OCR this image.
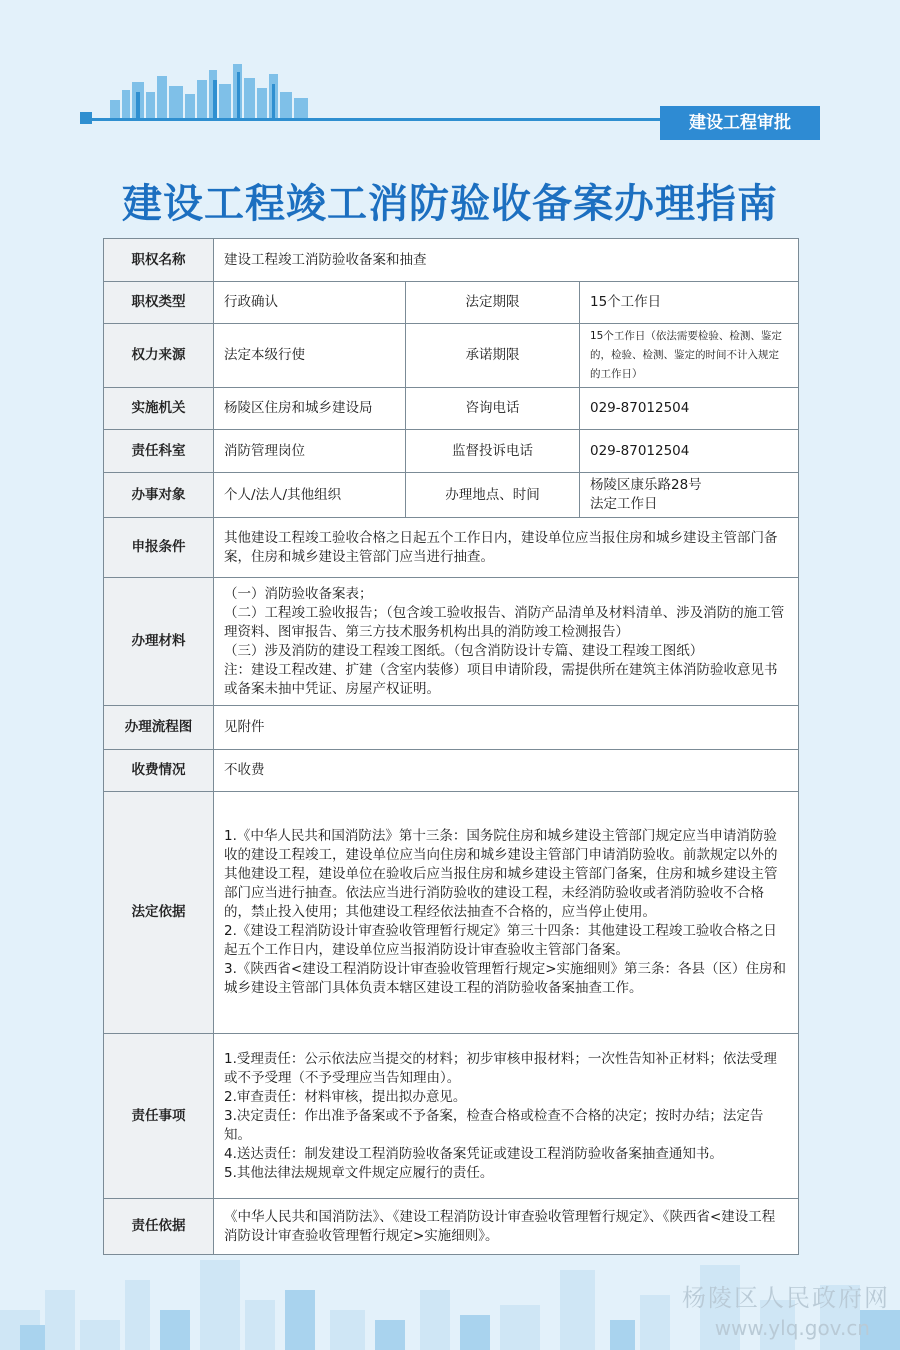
建设工程审批
建设工程竣工消防验收备案办理指南
职权名称	建设工程竣工消防验收备案和抽查		
职权类型	行政确认	法定期限	15个工作日
权力来源	法定本级行使	承诺期限	15个工作日（依法需要检验、检测、鉴定的，检验、检测、鉴定的时间不计入规定的工作日）
实施机关	杨陵区住房和城乡建设局	咨询电话	029-87012504
责任科室	消防管理岗位	监督投诉电话	029-87012504
办事对象	个人/法人/其他组织	办理地点、时间	杨陵区康乐路28号
法定工作日

申报条件	其他建设工程竣工验收合格之日起五个工作日内，建设单位应当报住房和城乡建设主管部门备案，住房和城乡建设主管部门应当进行抽查。		
办理材料	（一）消防验收备案表；
（二）工程竣工验收报告；（包含竣工验收报告、消防产品清单及材料清单、涉及消防的施工管理资料、图审报告、第三方技术服务机构出具的消防竣工检测报告）
（三）涉及消防的建设工程竣工图纸。（包含消防设计专篇、建设工程竣工图纸）
注：建设工程改建、扩建（含室内装修）项目申请阶段，需提供所在建筑主体消防验收意见书或备案未抽中凭证、房屋产权证明。		

办理流程图	见附件		
收费情况	不收费		
法定依据	1.《中华人民共和国消防法》第十三条：国务院住房和城乡建设主管部门规定应当申请消防验收的建设工程竣工，建设单位应当向住房和城乡建设主管部门申请消防验收。前款规定以外的其他建设工程，建设单位在验收后应当报住房和城乡建设主管部门备案，住房和城乡建设主管部门应当进行抽查。依法应当进行消防验收的建设工程，未经消防验收或者消防验收不合格的，禁止投入使用；其他建设工程经依法抽查不合格的，应当停止使用。
2.《建设工程消防设计审查验收管理暂行规定》第三十四条：其他建设工程竣工验收合格之日起五个工作日内，建设单位应当报消防设计审查验收主管部门备案。
3.《陕西省<建设工程消防设计审查验收管理暂行规定>实施细则》第三条：各县（区）住房和城乡建设主管部门具体负责本辖区建设工程的消防验收备案抽查工作。		

责任事项	1.受理责任：公示依法应当提交的材料；初步审核申报材料；一次性告知补正材料；依法受理或不予受理（不予受理应当告知理由）。
2.审查责任：材料审核，提出拟办意见。
3.决定责任：作出准予备案或不予备案，检查合格或检查不合格的决定；按时办结；法定告知。
4.送达责任：制发建设工程消防验收备案凭证或建设工程消防验收备案抽查通知书。
5.其他法律法规规章文件规定应履行的责任。		

责任依据	《中华人民共和国消防法》、《建设工程消防设计审查验收管理暂行规定》、《陕西省<建设工程消防设计审查验收管理暂行规定>实施细则》。		
杨陵区人民政府网
www.ylq.gov.cn
